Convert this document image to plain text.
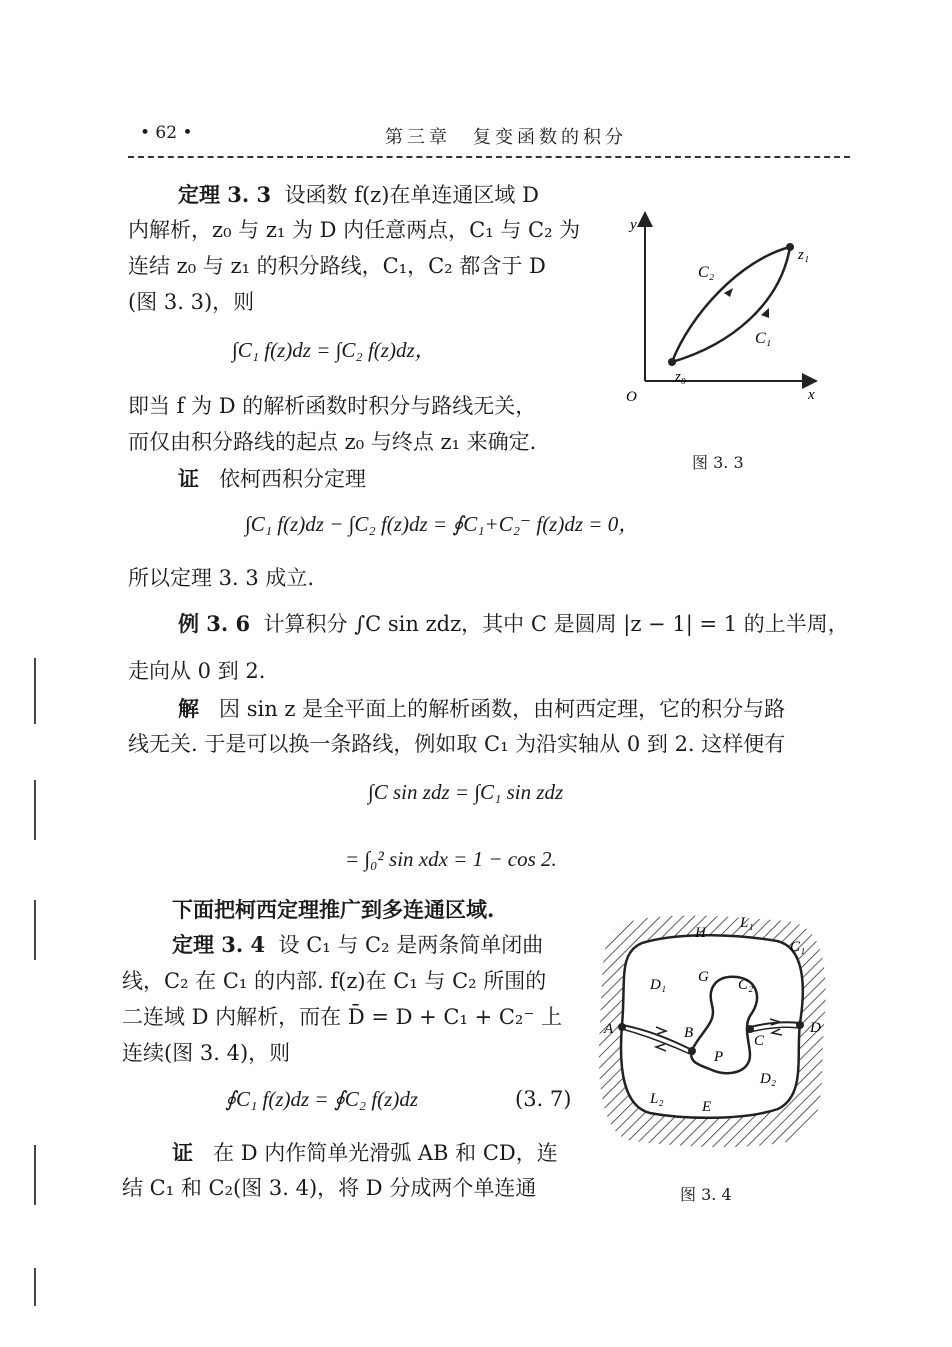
• 62 •	第三章　复变函数的积分
定理 3. 3 设函数 f(z)在单连通区域 D
内解析，z₀ 与 z₁ 为 D 内任意两点，C₁ 与 C₂ 为
连结 z₀ 与 z₁ 的积分路线，C₁，C₂ 都含于 D
(图 3. 3)，则
∫C₁ f(z)dz = ∫C₂ f(z)dz，
即当 f 为 D 的解析函数时积分与路线无关，
而仅由积分路线的起点 z₀ 与终点 z₁ 来确定.
y
x
O
z₀
z₁
C₂
C₁
图 3. 3
证 依柯西积分定理
∫C₁ f(z)dz − ∫C₂ f(z)dz = ∮C₁+C₂⁻ f(z)dz = 0，
所以定理 3. 3 成立.
例 3. 6 计算积分 ∫C sin zdz，其中 C 是圆周 |z − 1| = 1 的上半周，
走向从 0 到 2.
解 因 sin z 是全平面上的解析函数，由柯西定理，它的积分与路
线无关. 于是可以换一条路线，例如取 C₁ 为沿实轴从 0 到 2. 这样便有
∫C sin zdz = ∫C₁ sin zdz
= ∫₀² sin xdx = 1 − cos 2.
下面把柯西定理推广到多连通区域.
定理 3. 4 设 C₁ 与 C₂ 是两条简单闭曲
线，C₂ 在 C₁ 的内部. f(z)在 C₁ 与 C₂ 所围的
二连域 D 内解析，而在 D̄ = D + C₁ + C₂⁻ 上
连续(图 3. 4)，则
∮C₁ f(z)dz = ∮C₂ f(z)dz	(3. 7)
证 在 D 内作简单光滑弧 AB 和 CD，连
结 C₁ 和 C₂(图 3. 4)，将 D 分成两个单连通
H
L₁
C₁
D₁ G C₂
A	B	C
D
P
D₂
L₂	E
图 3. 4
